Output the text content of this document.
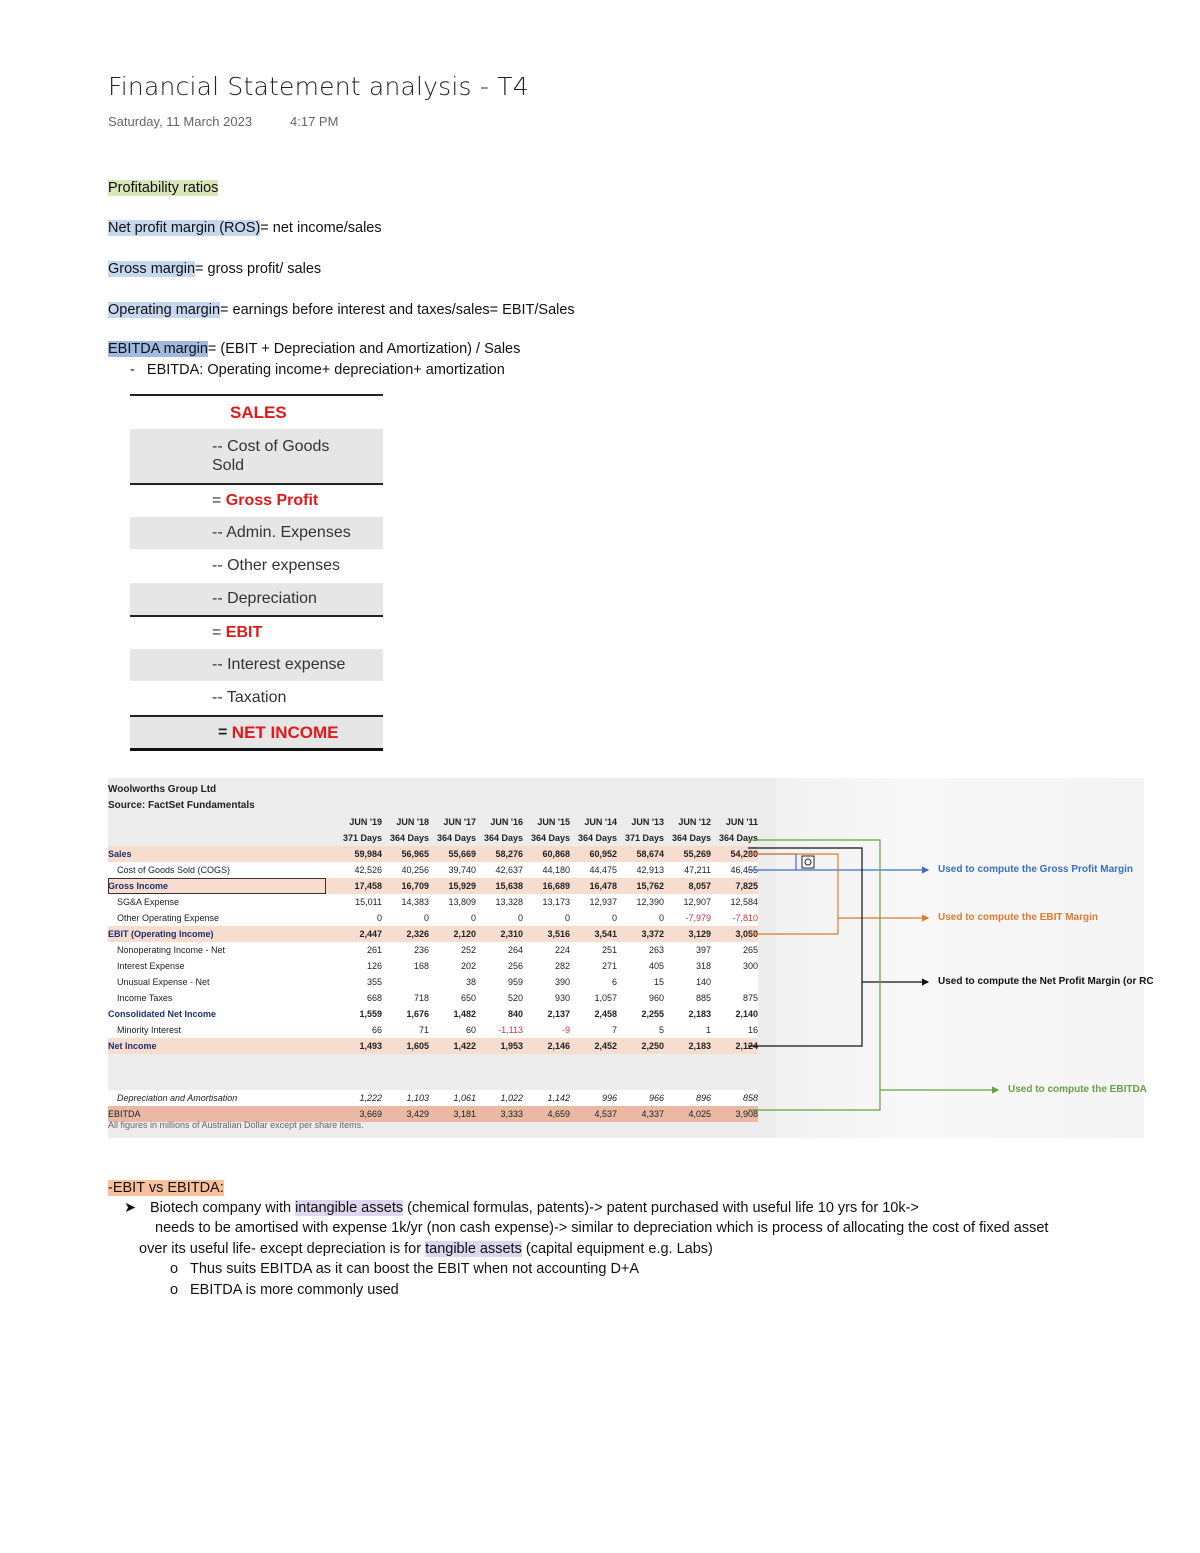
Financial Statement analysis - T4
Saturday, 11 March 2023	4:17 PM
Profitability ratios
Net profit margin (ROS)= net income/sales
Gross margin= gross profit/ sales
Operating margin= earnings before interest and taxes/sales= EBIT/Sales
EBITDA margin= (EBIT + Depreciation and Amortization) / Sales
-   EBITDA: Operating income+ depreciation+ amortization
SALES
-- Cost of Goods Sold
=
Gross Profit
-- Admin. Expenses
-- Other expenses
-- Depreciation
=
EBIT
-- Interest expense
-- Taxation
=
NET INCOME
Woolworths Group Ltd
Source: FactSet Fundamentals
	JUN '19	JUN '18	JUN '17	JUN '16	JUN '15	JUN '14	JUN '13	JUN '12	JUN '11
	371 Days	364 Days	364 Days	364 Days	364 Days	364 Days	371 Days	364 Days	364 Days
Sales	59,984	56,965	55,669	58,276	60,868	60,952	58,674	55,269	54,280
Cost of Goods Sold (COGS)	42,526	40,256	39,740	42,637	44,180	44,475	42,913	47,211	46,455
Gross Income	17,458	16,709	15,929	15,638	16,689	16,478	15,762	8,057	7,825
SG&A Expense	15,011	14,383	13,809	13,328	13,173	12,937	12,390	12,907	12,584
Other Operating Expense	0	0	0	0	0	0	0	-7,979	-7,810
EBIT (Operating Income)	2,447	2,326	2,120	2,310	3,516	3,541	3,372	3,129	3,050
Nonoperating Income - Net	261	236	252	264	224	251	263	397	265
Interest Expense	126	168	202	256	282	271	405	318	300
Unusual Expense - Net	355		38	959	390	6	15	140	
Income Taxes	668	718	650	520	930	1,057	960	885	875
Consolidated Net Income	1,559	1,676	1,482	840	2,137	2,458	2,255	2,183	2,140
Minority Interest	66	71	60	-1,113	-9	7	5	1	16
Net Income	1,493	1,605	1,422	1,953	2,146	2,452	2,250	2,183	2,124

Depreciation and Amortisation	1,222	1,103	1,061	1,022	1,142	996	966	896	858
EBITDA	3,669	3,429	3,181	3,333	4,659	4,537	4,337	4,025	3,908
All figures in millions of Australian Dollar except per share items.
Used to compute the Gross Profit Margin
Used to compute the EBIT Margin
Used to compute the Net Profit Margin (or RC
Used to compute the EBITDA
-EBIT vs EBITDA:
➤ Biotech company with intangible assets (chemical formulas, patents)-> patent purchased with useful life 10 yrs for 10k->
needs to be amortised with expense 1k/yr (non cash expense)-> similar to depreciation which is process of allocating the cost of fixed asset
over its useful life- except depreciation is for tangible assets (capital equipment e.g. Labs)
o Thus suits EBITDA as it can boost the EBIT when not accounting D+A
o EBITDA is more commonly used
